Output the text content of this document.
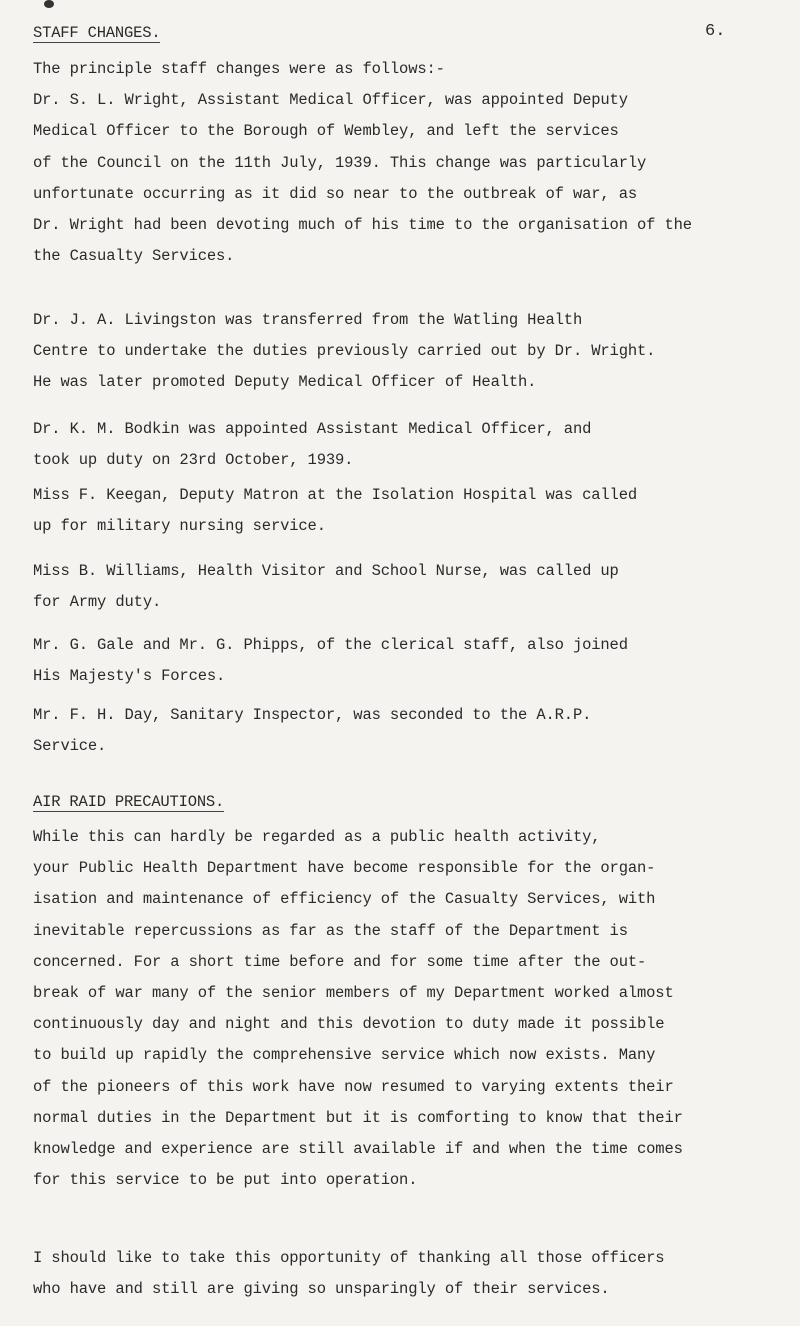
6.
STAFF CHANGES.
The principle staff changes were as follows:-
Dr. S. L. Wright, Assistant Medical Officer, was appointed Deputy
Medical Officer to the Borough of Wembley, and left the services
of the Council on the 11th July, 1939. This change was particularly
unfortunate occurring as it did so near to the outbreak of war, as
Dr. Wright had been devoting much of his time to the organisation of the
the Casualty Services.
Dr. J. A. Livingston was transferred from the Watling Health
Centre to undertake the duties previously carried out by Dr. Wright.
He was later promoted Deputy Medical Officer of Health.
Dr. K. M. Bodkin was appointed Assistant Medical Officer, and
took up duty on 23rd October, 1939.
Miss F. Keegan, Deputy Matron at the Isolation Hospital was called
up for military nursing service.
Miss B. Williams, Health Visitor and School Nurse, was called up
for Army duty.
Mr. G. Gale and Mr. G. Phipps, of the clerical staff, also joined
His Majesty's Forces.
Mr. F. H. Day, Sanitary Inspector, was seconded to the A.R.P.
Service.
AIR RAID PRECAUTIONS.
While this can hardly be regarded as a public health activity,
your Public Health Department have become responsible for the organ-
isation and maintenance of efficiency of the Casualty Services, with
inevitable repercussions as far as the staff of the Department is
concerned. For a short time before and for some time after the out-
break of war many of the senior members of my Department worked almost
continuously day and night and this devotion to duty made it possible
to build up rapidly the comprehensive service which now exists. Many
of the pioneers of this work have now resumed to varying extents their
normal duties in the Department but it is comforting to know that their
knowledge and experience are still available if and when the time comes
for this service to be put into operation.
I should like to take this opportunity of thanking all those officers
who have and still are giving so unsparingly of their services.
